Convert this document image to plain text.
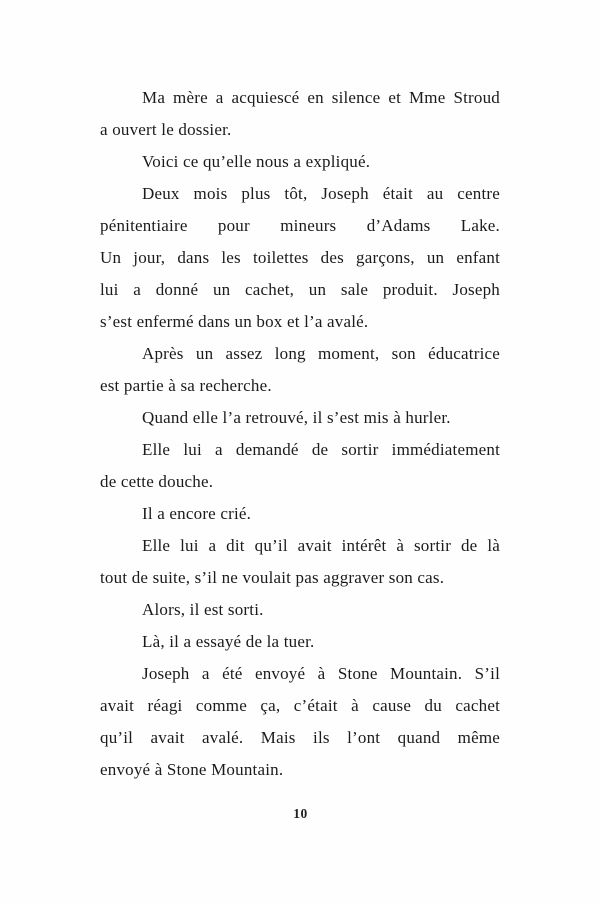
Ma mère a acquiescé en silence et Mme Stroud
a ouvert le dossier.
Voici ce qu’elle nous a expliqué.
Deux mois plus tôt, Joseph était au centre
pénitentiaire pour mineurs d’Adams Lake.
Un jour, dans les toilettes des garçons, un enfant
lui a donné un cachet, un sale produit. Joseph
s’est enfermé dans un box et l’a avalé.
Après un assez long moment, son éducatrice
est partie à sa recherche.
Quand elle l’a retrouvé, il s’est mis à hurler.
Elle lui a demandé de sortir immédiatement
de cette douche.
Il a encore crié.
Elle lui a dit qu’il avait intérêt à sortir de là
tout de suite, s’il ne voulait pas aggraver son cas.
Alors, il est sorti.
Là, il a essayé de la tuer.
Joseph a été envoyé à Stone Mountain. S’il
avait réagi comme ça, c’était à cause du cachet
qu’il avait avalé. Mais ils l’ont quand même
envoyé à Stone Mountain.
10
